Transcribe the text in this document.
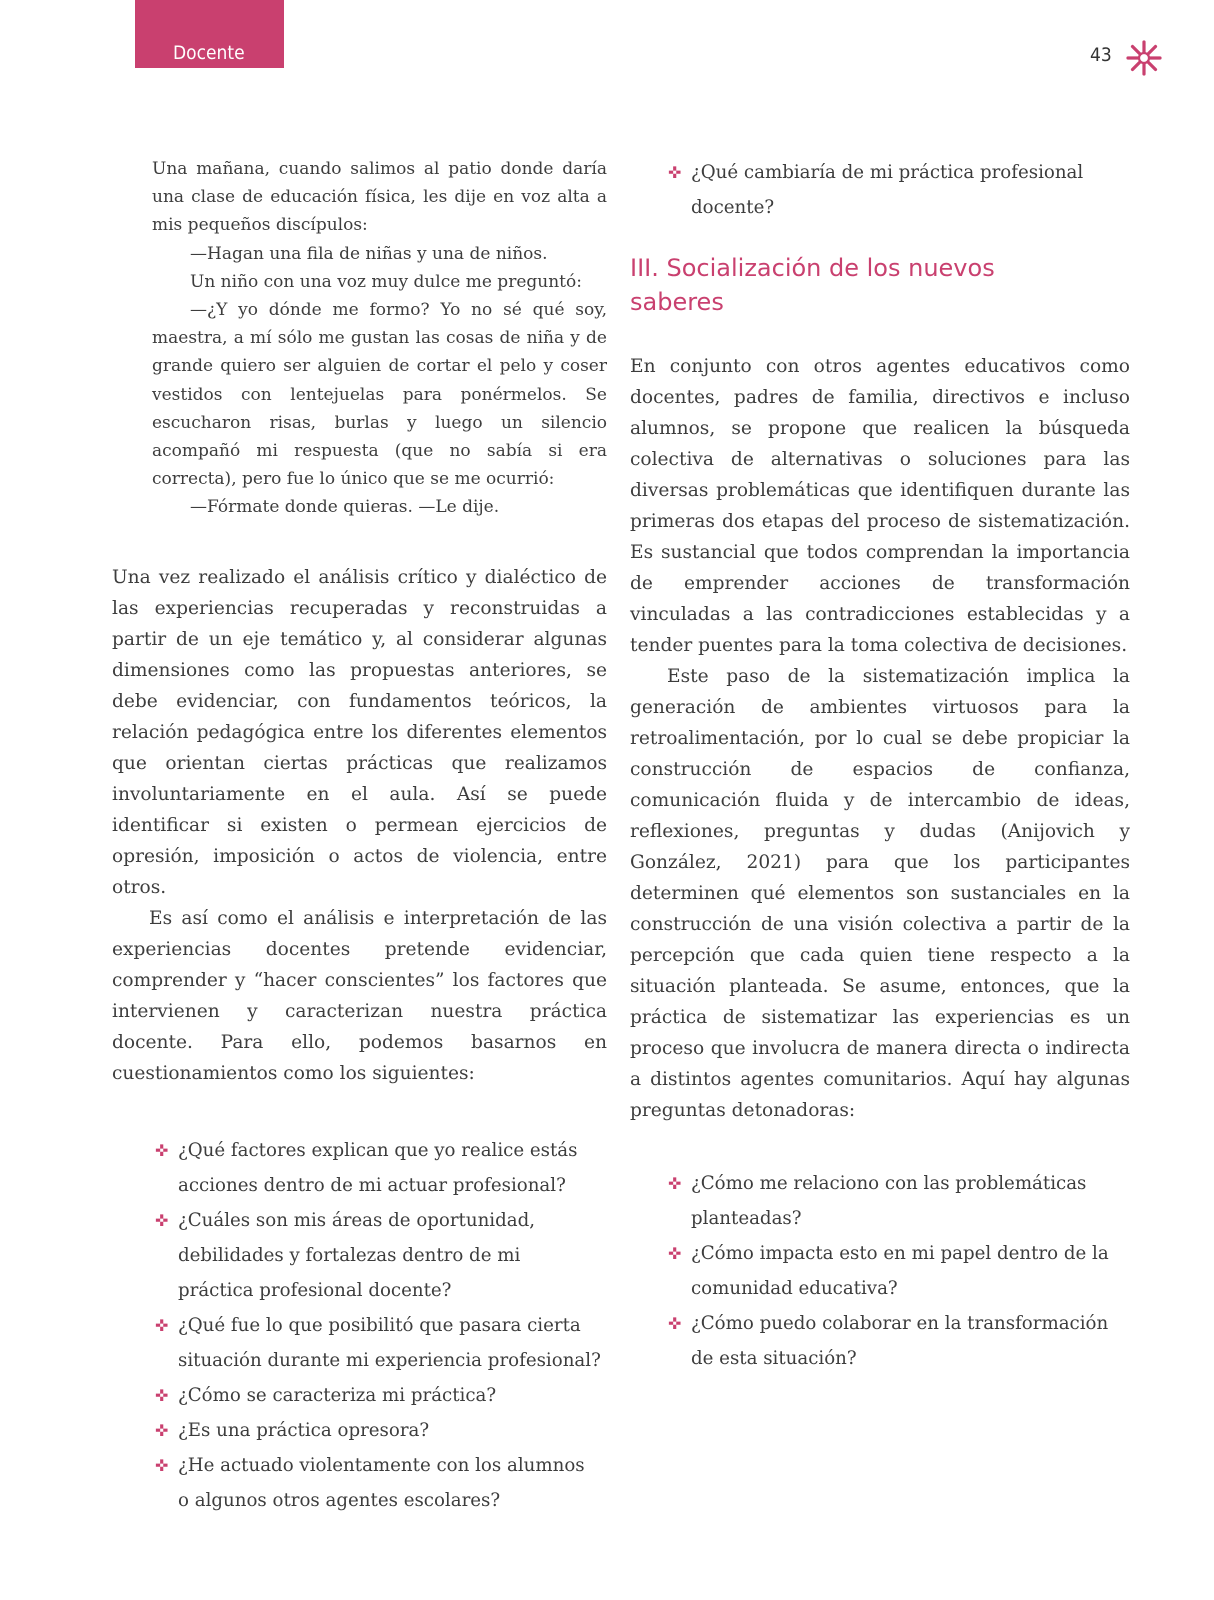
Docente	43

Una mañana, cuando salimos al patio donde daría una clase de educación física, les dije en voz alta a mis pequeños discípulos:

—Hagan una fila de niñas y una de niños.

Un niño con una voz muy dulce me preguntó:

—¿Y yo dónde me formo? Yo no sé qué soy, maestra, a mí sólo me gustan las cosas de niña y de grande quiero ser alguien de cortar el pelo y coser vestidos con lentejuelas para ponérmelos. Se escucharon risas, burlas y luego un silencio acompañó mi respuesta (que no sabía si era correcta), pero fue lo único que se me ocurrió:

—Fórmate donde quieras. —Le dije.

Una vez realizado el análisis crítico y dialéctico de las experiencias recuperadas y reconstruidas a partir de un eje temático y, al considerar algunas dimensiones como las propuestas anteriores, se debe evidenciar, con fundamentos teóricos, la relación pedagógica entre los diferentes elementos que orientan ciertas prácticas que realizamos involuntariamente en el aula. Así se puede identificar si existen o permean ejercicios de opresión, imposición o actos de violencia, entre otros.

Es así como el análisis e interpretación de las experiencias docentes pretende evidenciar, comprender y “hacer conscientes” los factores que intervienen y caracterizan nuestra práctica docente. Para ello, podemos basarnos en cuestionamientos como los siguientes:

✜ ¿Qué factores explican que yo realice estás acciones dentro de mi actuar profesional?
✜ ¿Cuáles son mis áreas de oportunidad, debilidades y fortalezas dentro de mi práctica profesional docente?
✜ ¿Qué fue lo que posibilitó que pasara cierta situación durante mi experiencia profesional?
✜ ¿Cómo se caracteriza mi práctica?
✜ ¿Es una práctica opresora?
✜ ¿He actuado violentamente con los alumnos o algunos otros agentes escolares?
✜ ¿Qué cambiaría de mi práctica profesional docente?
III. Socialización de los nuevos saberes

En conjunto con otros agentes educativos como docentes, padres de familia, directivos e incluso alumnos, se propone que realicen la búsqueda colectiva de alternativas o soluciones para las diversas problemáticas que identifiquen durante las primeras dos etapas del proceso de sistematización. Es sustancial que todos comprendan la importancia de emprender acciones de transformación vinculadas a las contradicciones establecidas y a tender puentes para la toma colectiva de decisiones.

Este paso de la sistematización implica la generación de ambientes virtuosos para la retroalimentación, por lo cual se debe propiciar la construcción de espacios de confianza, comunicación fluida y de intercambio de ideas, reflexiones, preguntas y dudas (Anijovich y González, 2021) para que los participantes determinen qué elementos son sustanciales en la construcción de una visión colectiva a partir de la percepción que cada quien tiene respecto a la situación planteada. Se asume, entonces, que la práctica de sistematizar las experiencias es un proceso que involucra de manera directa o indirecta a distintos agentes comunitarios. Aquí hay algunas preguntas detonadoras:

✜ ¿Cómo me relaciono con las problemáticas planteadas?
✜ ¿Cómo impacta esto en mi papel dentro de la comunidad educativa?
✜ ¿Cómo puedo colaborar en la transformación de esta situación?
